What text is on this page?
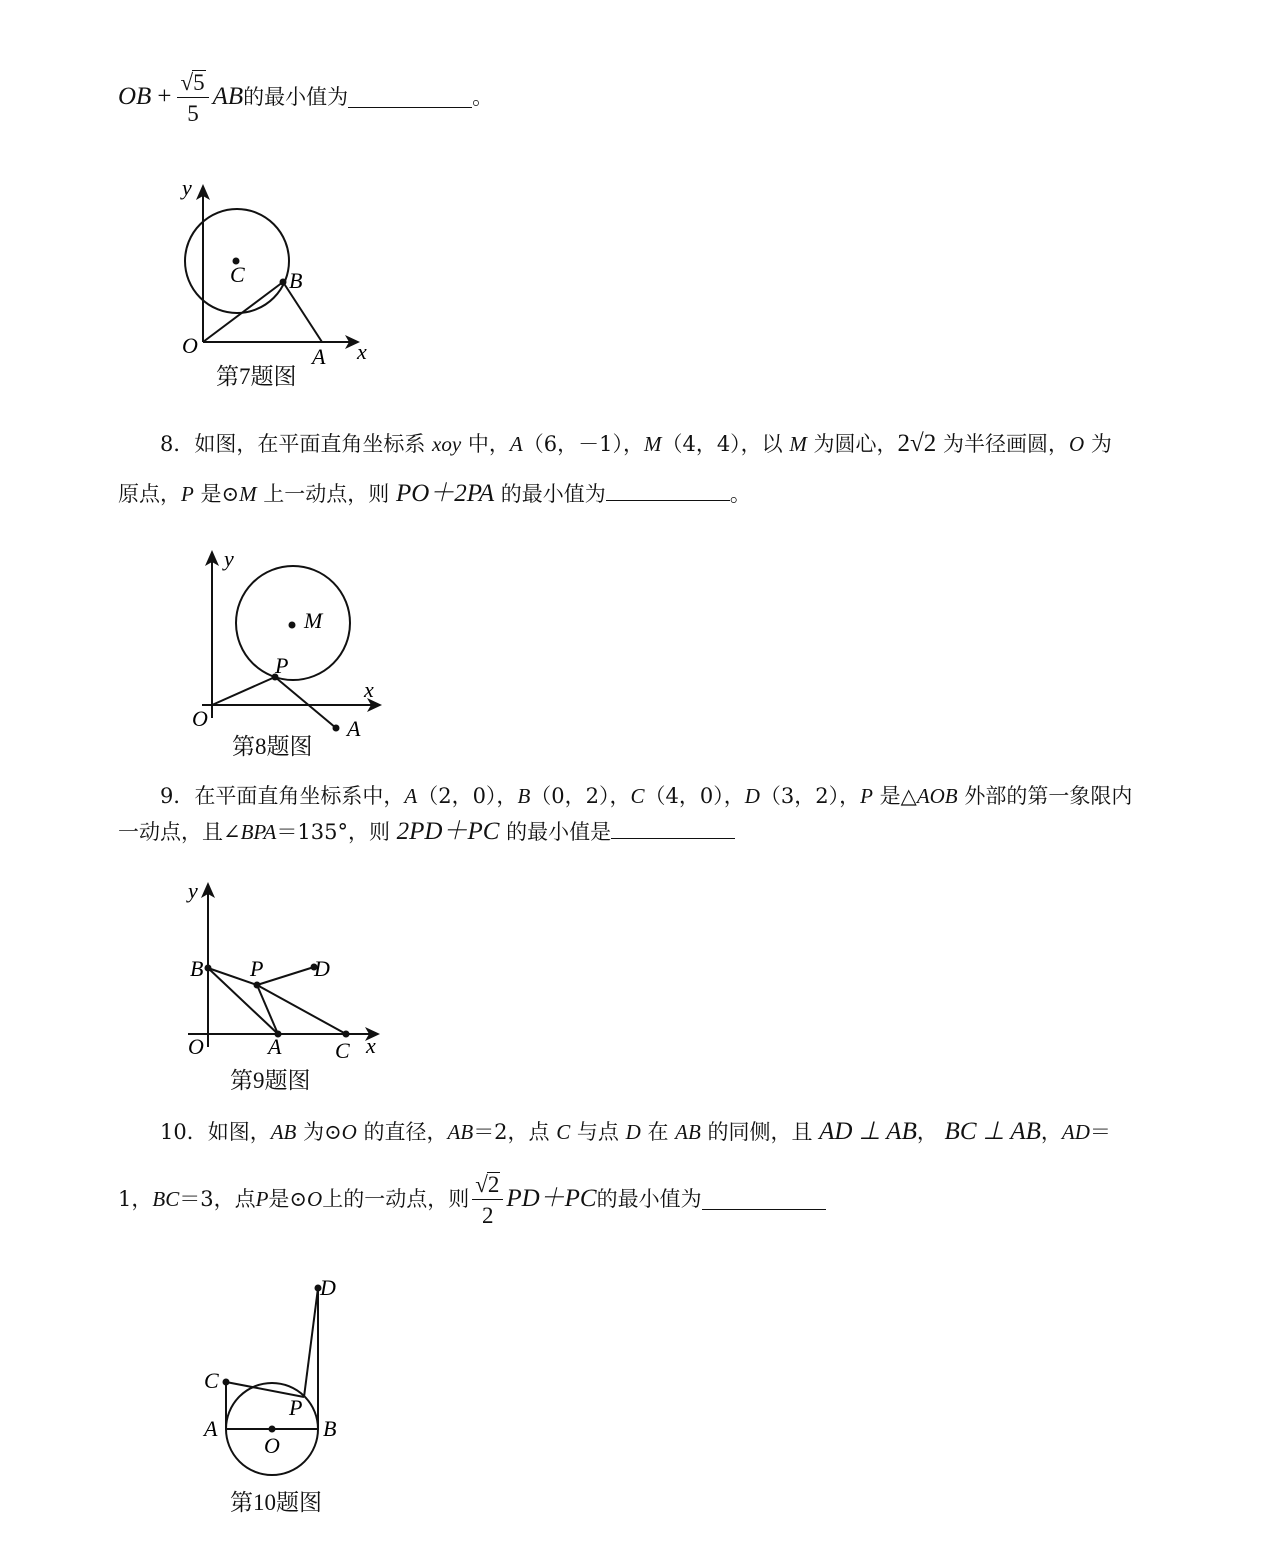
OB + $\frac{√5}{5}$ AB 的最小值为	。
y
x
C B
O	A
第7题图
8．如图，在平面直角坐标系 xoy 中，A（6，－1），M（4，4），以 M 为圆心，2√2 为半径画圆，O 为
原点，P 是⊙M 上一动点，则 PO＋2PA 的最小值为	。
y
x
M
P
O	A
第8题图
9．在平面直角坐标系中，A（2，0），B（0，2），C（4，0），D（3，2），P 是△AOB 外部的第一象限内
一动点，且∠BPA＝135°，则 2PD＋PC 的最小值是
y
x
B P D
O	A C
第9题图
10．如图，AB 为⊙O 的直径，AB＝2，点 C 与点 D 在 AB 的同侧，且 AD ⊥ AB， BC ⊥ AB，AD＝
1， BC ＝3，点 P 是⊙ O 上的一动点，则 $\frac{√2}{2} PD+PC$ 的最小值为
D
C
P
A
O
B
第10题图
